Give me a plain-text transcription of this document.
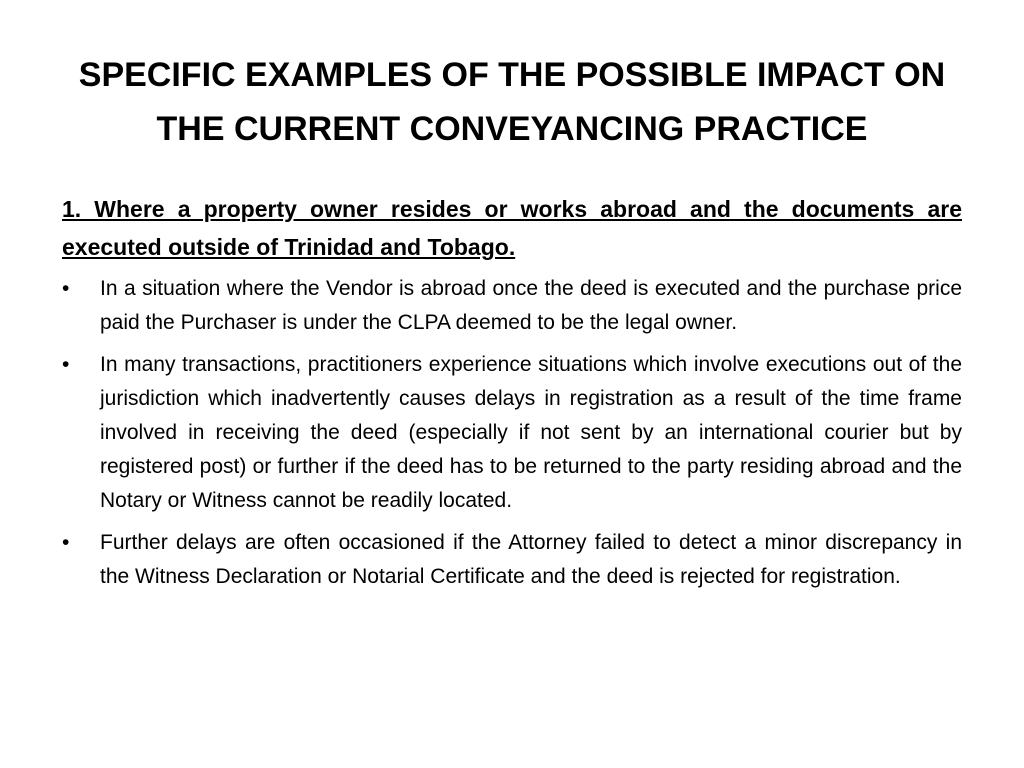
SPECIFIC EXAMPLES OF THE POSSIBLE IMPACT ON THE CURRENT CONVEYANCING PRACTICE

1. Where a property owner resides or works abroad and the documents are executed outside of Trinidad and Tobago.

•	In a situation where the Vendor is abroad once the deed is executed and the purchase price paid the Purchaser is under the CLPA deemed to be the legal owner.
•	In many transactions, practitioners experience situations which involve executions out of the jurisdiction which inadvertently causes delays in registration as a result of the time frame involved in receiving the deed (especially if not sent by an international courier but by registered post) or further if the deed has to be returned to the party residing abroad and the Notary or Witness cannot be readily located.
•	Further delays are often occasioned if the Attorney failed to detect a minor discrepancy in the Witness Declaration or Notarial Certificate and the deed is rejected for registration.
